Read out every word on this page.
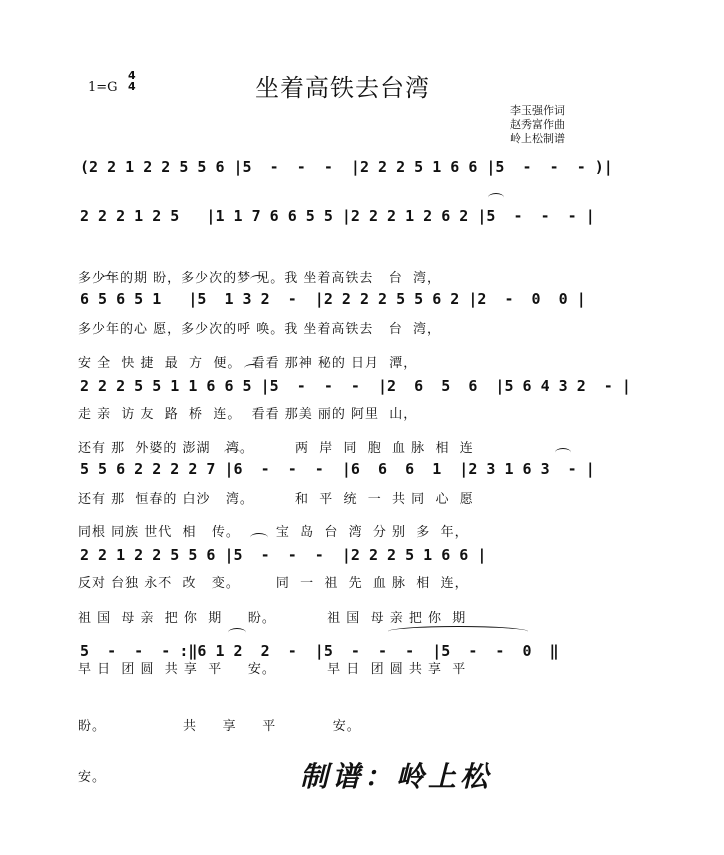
1=G
4
4	坐着高铁去台湾
李玉强作词
赵秀富作曲
岭上松制谱
(2 2 1 2 2 5 5 6 |5  -  -  -  |2 2 2 5 1 6 6 |5  -  -  - )|
2 2 2 1 2 5   |1 1 7 6 6 5 5 |2 2 2 1 2 6 2 |5  -  -  - |

多少年的期 盼，多少次的梦 见。我 坐着高铁去   台  湾，

多少年的心 愿，多少次的呼 唤。我 坐着高铁去   台  湾，

6 5 6 5 1   |5  1 3 2  -  |2 2 2 2 5 5 6 2 |2  -  0  0 |

安 全  快 捷  最  方  便。  看看 那神 秘的 日月  潭，

走 亲  访 友  路  桥  连。  看看 那美 丽的 阿里  山，

2 2 2 5 5 1 1 6 6 5 |5  -  -  -  |2  6  5  6  |5 6 4 3 2  - |

还有 那  外婆的 澎湖   湾。        两  岸  同  胞  血 脉  相  连

还有 那  恒春的 白沙   湾。        和  平  统  一  共 同  心  愿

5 5 6 2 2 2 2 7 |6  -  -  -  |6  6  6  1  |2 3 1 6 3  - |

同根 同族 世代  相   传。       宝  岛  台  湾  分 别  多  年，

反对 台独 永不  改   变。       同  一  祖  先  血 脉  相  连，

2 2 1 2 2 5 5 6 |5  -  -  -  |2 2 2 5 1 6 6 |

祖 国  母 亲  把 你  期     盼。          祖 国  母 亲 把 你  期

早 日  团 圆  共 享  平     安。          早 日  团 圆 共 享  平

5  -  -  - :‖6 1 2  2  -  |5  -  -  -  |5  -  -  0  ‖

盼。               共     享     平           安。

安。	制谱：岭上松
